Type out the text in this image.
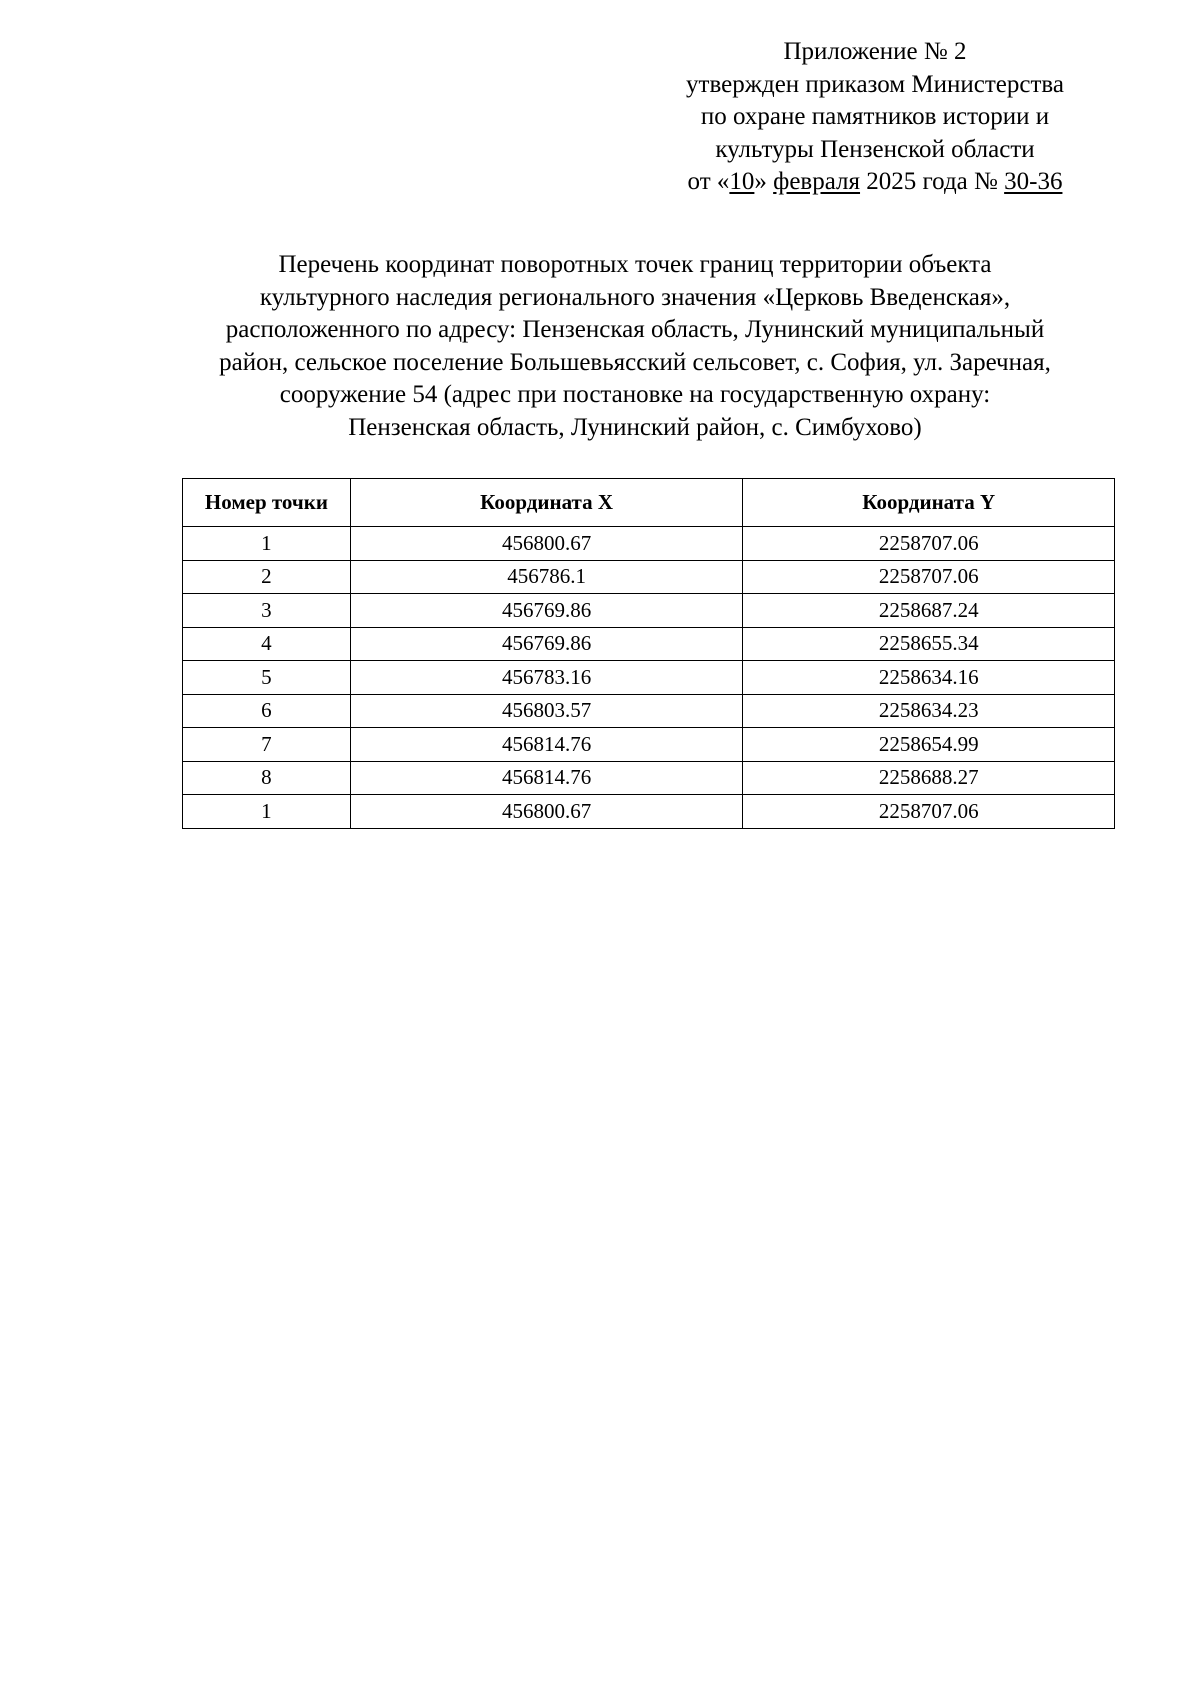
Приложение № 2
утвержден приказом Министерства
по охране памятников истории и
культуры Пензенской области
от «10» февраля 2025 года № 30-36
Перечень координат поворотных точек границ территории объекта
культурного наследия регионального значения «Церковь Введенская»,
расположенного по адресу: Пензенская область, Лунинский муниципальный
район, сельское поселение Большевьясский сельсовет, с. София, ул. Заречная,
сооружение 54 (адрес при постановке на государственную охрану:
Пензенская область, Лунинский район, с. Симбухово)
Номер точки	Координата X	Координата Y
1	456800.67	2258707.06
2	456786.1	2258707.06
3	456769.86	2258687.24
4	456769.86	2258655.34
5	456783.16	2258634.16
6	456803.57	2258634.23
7	456814.76	2258654.99
8	456814.76	2258688.27
1	456800.67	2258707.06
